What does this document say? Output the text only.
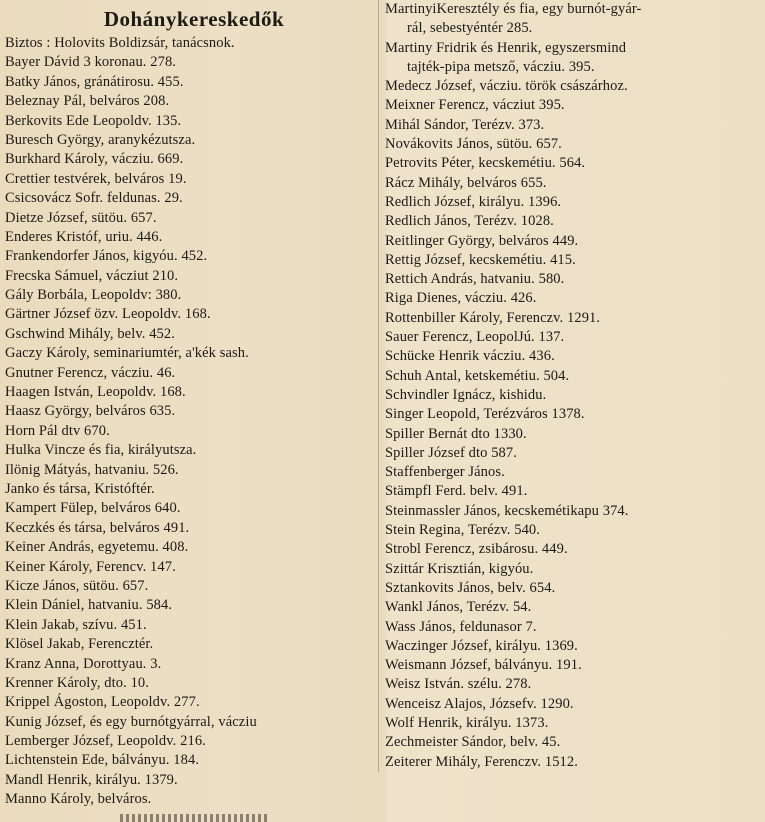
Dohánykereskedők
Biztos : Holovits Boldizsár, tanácsnok.
Bayer Dávid 3 koronau. 278.
Batky János, gránátirosu. 455.
Beleznay Pál, belváros 208.
Berkovits Ede Leopoldv. 135.
Buresch György, aranykézutsza.
Burkhard Károly, vácziu. 669.
Crettier testvérek, belváros 19.
Csicsovácz Sofr. feldunas. 29.
Dietze József, sütöu. 657.
Enderes Kristóf, uriu. 446.
Frankendorfer János, kigyóu. 452.
Frecska Sámuel, vácziut 210.
Gály Borbála, Leopoldv: 380.
Gärtner József özv. Leopoldv. 168.
Gschwind Mihály, belv. 452.
Gaczy Károly, seminariumtér, a'kék sash.
Gnutner Ferencz, vácziu. 46.
Haagen István, Leopoldv. 168.
Haasz György, belváros 635.
Horn Pál dtv 670.
Hulka Vincze és fia, királyutsza.
Ilönig Mátyás, hatvaniu. 526.
Janko és társa, Kristóftér.
Kampert Fülep, belváros 640.
Keczkés és társa, belváros 491.
Keiner András, egyetemu. 408.
Keiner Károly, Ferencv. 147.
Kicze János, sütöu. 657.
Klein Dániel, hatvaniu. 584.
Klein Jakab, szívu. 451.
Klösel Jakab, Ferencztér.
Kranz Anna, Dorottyau. 3.
Krenner Károly, dto. 10.
Krippel Ágoston, Leopoldv. 277.
Kunig József, és egy burnótgyárral, vácziu
Lemberger József, Leopoldv. 216.
Lichtenstein Ede, bálványu. 184.
Mandl Henrik, királyu. 1379.
Manno Károly, belváros.
MartinyiKeresztély és fia, egy burnót-gyár-
rál, sebestyéntér 285.
Martiny Fridrik és Henrik, egyszersmind
tajték-pipa metsző, vácziu. 395.
Medecz József, vácziu. török császárhoz.
Meixner Ferencz, vácziut 395.
Mihál Sándor, Terézv. 373.
Novákovits János, sütöu. 657.
Petrovits Péter, kecskemétiu. 564.
Rácz Mihály, belváros 655.
Redlich József, királyu. 1396.
Redlich János, Terézv. 1028.
Reitlinger György, belváros 449.
Rettig József, kecskemétiu. 415.
Rettich András, hatvaniu. 580.
Riga Dienes, vácziu. 426.
Rottenbiller Károly, Ferenczv. 1291.
Sauer Ferencz, LeopolJú. 137.
Schücke Henrik vácziu. 436.
Schuh Antal, ketskemétiu. 504.
Schvindler Ignácz, kishidu.
Singer Leopold, Terézváros 1378.
Spiller Bernát dto 1330.
Spiller József dto 587.
Staffenberger János.
Stämpfl Ferd. belv. 491.
Steinmassler János, kecskemétikapu 374.
Stein Regina, Terézv. 540.
Strobl Ferencz, zsibárosu. 449.
Szittár Krisztián, kigyóu.
Sztankovits János, belv. 654.
Wankl János, Terézv. 54.
Wass János, feldunasor 7.
Waczinger József, királyu. 1369.
Weismann József, bálványu. 191.
Weisz István. szélu. 278.
Wenceisz Alajos, Józsefv. 1290.
Wolf Henrik, királyu. 1373.
Zechmeister Sándor, belv. 45.
Zeiterer Mihály, Ferenczv. 1512.
